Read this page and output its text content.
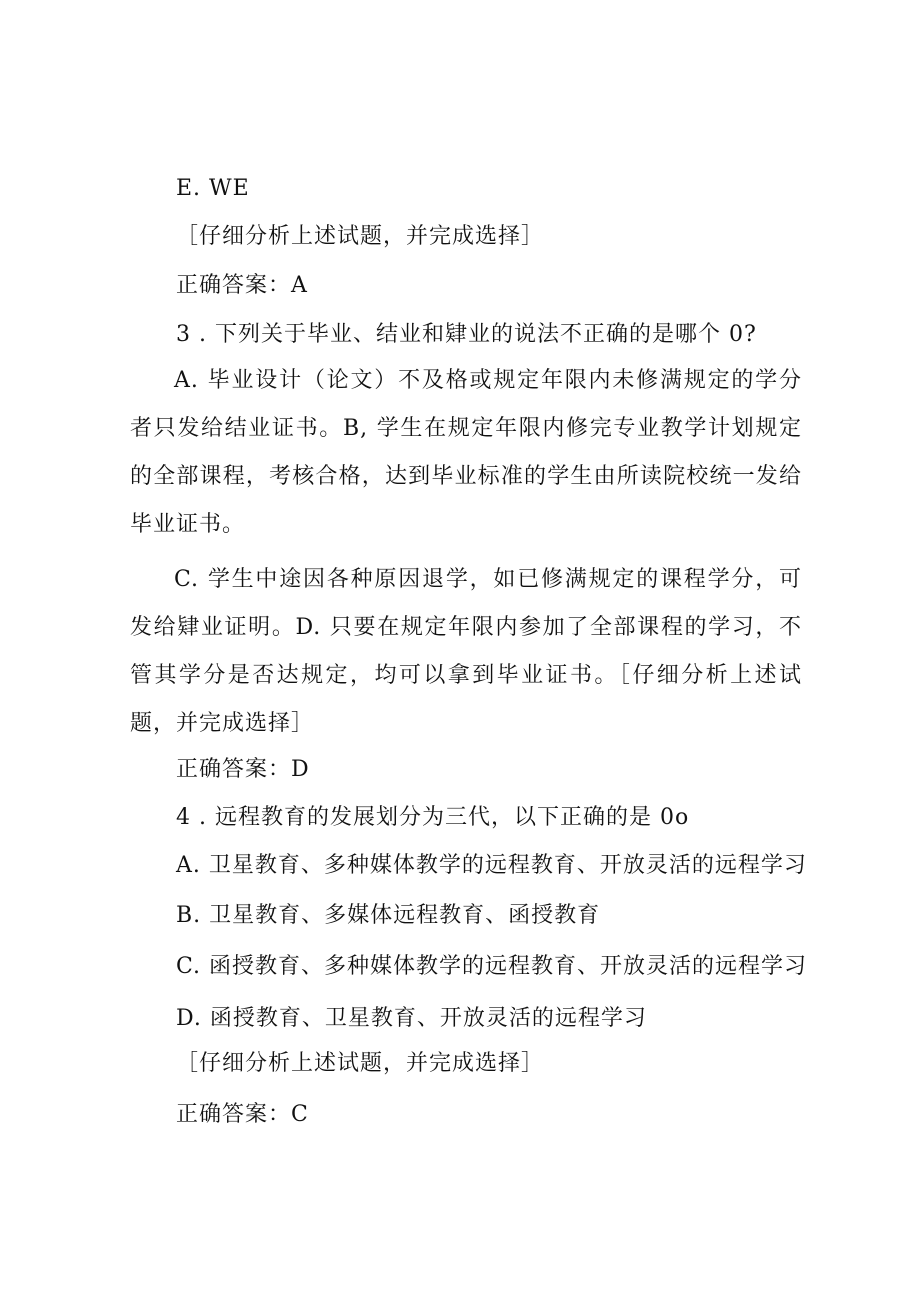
E. WE
［仔细分析上述试题，并完成选择］
正确答案：A
3 . 下列关于毕业、结业和肄业的说法不正确的是哪个 0?
A. 毕业设计（论文）不及格或规定年限内未修满规定的学分者只发给结业证书。B, 学生在规定年限内修完专业教学计划规定的全部课程，考核合格，达到毕业标准的学生由所读院校统一发给毕业证书。
C. 学生中途因各种原因退学，如已修满规定的课程学分，可发给肄业证明。D. 只要在规定年限内参加了全部课程的学习，不管其学分是否达规定，均可以拿到毕业证书。［仔细分析上述试题，并完成选择］
正确答案：D
4 . 远程教育的发展划分为三代，以下正确的是 0o
A. 卫星教育、多种媒体教学的远程教育、开放灵活的远程学习
B. 卫星教育、多媒体远程教育、函授教育
C. 函授教育、多种媒体教学的远程教育、开放灵活的远程学习
D. 函授教育、卫星教育、开放灵活的远程学习
［仔细分析上述试题，并完成选择］
正确答案：C
